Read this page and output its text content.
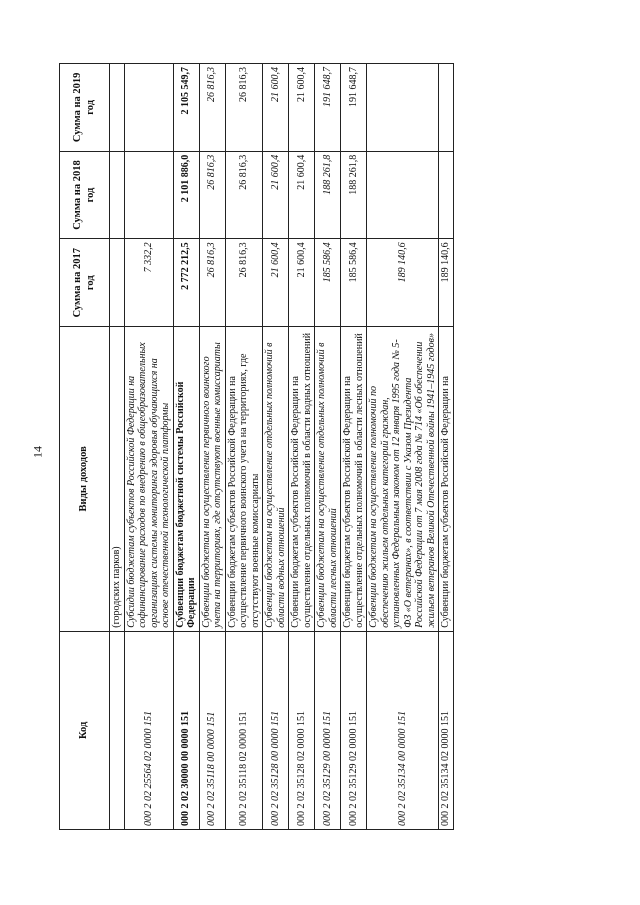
14
Код	Виды доходов	Сумма на 2017 год	Сумма на 2018 год	Сумма на 2019 год
	(городских парков)			
000 2 02 25564 02 0000 151	Субсидии бюджетам субъектов Российской Федерации на софинансирование расходов по внедрению в общеобразовательных организациях системы мониторинга здоровья обучающихся на основе отечественной технологической платформы	7 332,2		
000 2 02 30000 00 0000 151	Субвенции бюджетам бюджетной системы Российской Федерации	2 772 212,5	2 101 886,0	2 105 549,7
000 2 02 35118 00 0000 151	Субвенции бюджетам на осуществление первичного воинского учета на территориях, где отсутствуют военные комиссариаты	26 816,3	26 816,3	26 816,3
000 2 02 35118 02 0000 151	Субвенции бюджетам субъектов Российской Федерации на осуществление первичного воинского учета на территориях, где отсутствуют военные комиссариаты	26 816,3	26 816,3	26 816,3
000 2 02 35128 00 0000 151	Субвенции бюджетам на осуществление отдельных полномочий в области водных отношений	21 600,4	21 600,4	21 600,4
000 2 02 35128 02 0000 151	Субвенции бюджетам субъектов Российской Федерации на осуществление отдельных полномочий в области водных отношений	21 600,4	21 600,4	21 600,4
000 2 02 35129 00 0000 151	Субвенции бюджетам на осуществление отдельных полномочий в области лесных отношений	185 586,4	188 261,8	191 648,7
000 2 02 35129 02 0000 151	Субвенции бюджетам субъектов Российской Федерации на осуществление отдельных полномочий в области лесных отношений	185 586,4	188 261,8	191 648,7
000 2 02 35134 00 0000 151	Субвенции бюджетам на осуществление полномочий по обеспечению жильем отдельных категорий граждан, установленных Федеральным законом от 12 января 1995 года № 5-ФЗ «О ветеранах», в соответствии с Указом Президента Российской Федерации от 7 мая 2008 года № 714 «Об обеспечении жильем ветеранов Великой Отечественной войны 1941–1945 годов»	189 140,6		
000 2 02 35134 02 0000 151	Субвенции бюджетам субъектов Российской Федерации на	189 140,6		
